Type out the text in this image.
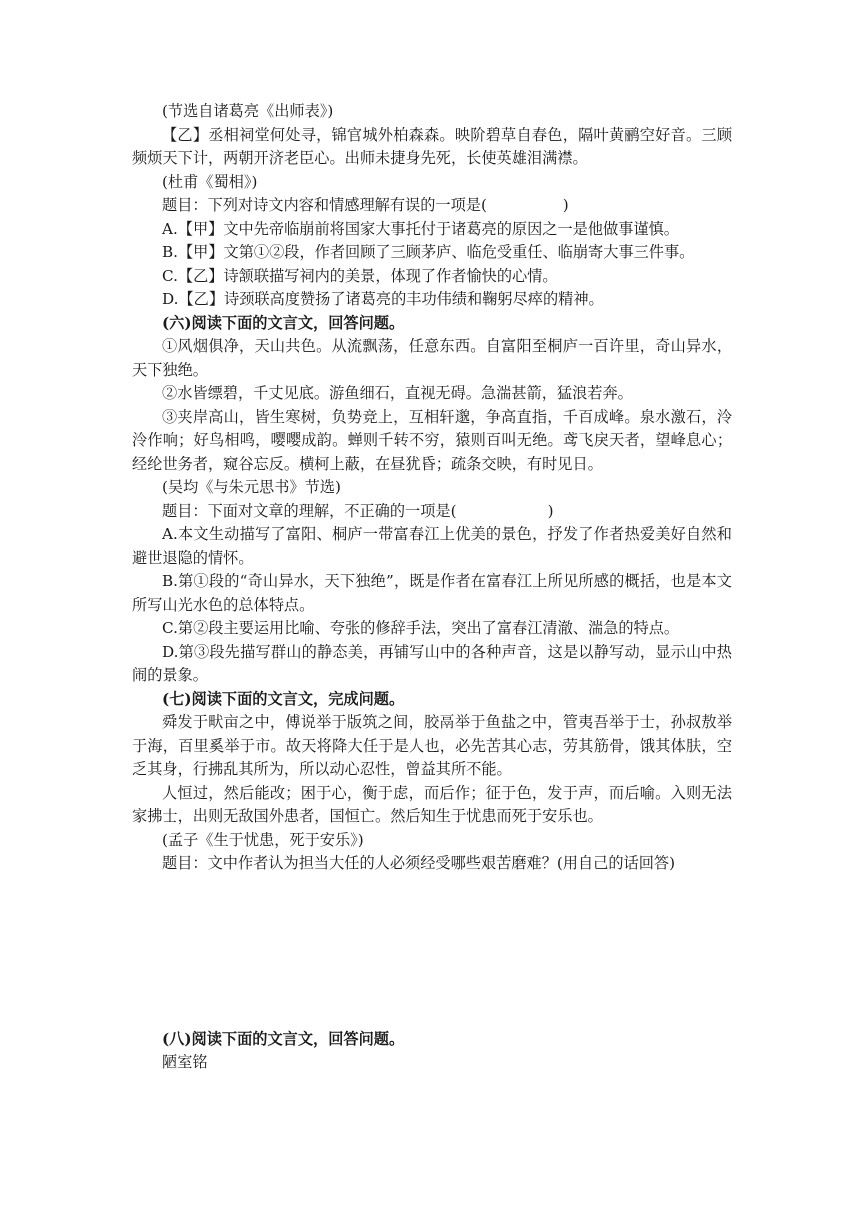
(节选自诸葛亮《出师表》)

【乙】丞相祠堂何处寻，锦官城外柏森森。映阶碧草自春色，隔叶黄鹂空好音。三顾频烦天下计，两朝开济老臣心。出师未捷身先死，长使英雄泪满襟。

(杜甫《蜀相》)

题目：下列对诗文内容和情感理解有误的一项是(　　　　　)

A.【甲】文中先帝临崩前将国家大事托付于诸葛亮的原因之一是他做事谨慎。

B.【甲】文第①②段，作者回顾了三顾茅庐、临危受重任、临崩寄大事三件事。

C.【乙】诗颔联描写祠内的美景，体现了作者愉快的心情。

D.【乙】诗颈联高度赞扬了诸葛亮的丰功伟绩和鞠躬尽瘁的精神。

(六)阅读下面的文言文，回答问题。

①风烟俱净，天山共色。从流飘荡，任意东西。自富阳至桐庐一百许里，奇山异水，天下独绝。

②水皆缥碧，千丈见底。游鱼细石，直视无碍。急湍甚箭，猛浪若奔。

③夹岸高山，皆生寒树，负势竞上，互相轩邈，争高直指，千百成峰。泉水激石，泠泠作响；好鸟相鸣，嘤嘤成韵。蝉则千转不穷，猿则百叫无绝。鸢飞戾天者，望峰息心；经纶世务者，窥谷忘反。横柯上蔽，在昼犹昏；疏条交映，有时见日。

(吴均《与朱元思书》节选)

题目：下面对文章的理解，不正确的一项是(　　　　　　)

A.本文生动描写了富阳、桐庐一带富春江上优美的景色，抒发了作者热爱美好自然和避世退隐的情怀。

B.第①段的“奇山异水，天下独绝”，既是作者在富春江上所见所感的概括，也是本文所写山光水色的总体特点。

C.第②段主要运用比喻、夸张的修辞手法，突出了富春江清澈、湍急的特点。

D.第③段先描写群山的静态美，再铺写山中的各种声音，这是以静写动，显示山中热闹的景象。

(七)阅读下面的文言文，完成问题。

舜发于畎亩之中，傅说举于版筑之间，胶鬲举于鱼盐之中，管夷吾举于士，孙叔敖举于海，百里奚举于市。故天将降大任于是人也，必先苦其心志，劳其筋骨，饿其体肤，空乏其身，行拂乱其所为，所以动心忍性，曾益其所不能。

人恒过，然后能改；困于心，衡于虑，而后作；征于色，发于声，而后喻。入则无法家拂士，出则无敌国外患者，国恒亡。然后知生于忧患而死于安乐也。

(孟子《生于忧患，死于安乐》)

题目：文中作者认为担当大任的人必须经受哪些艰苦磨难？(用自己的话回答)

(八)阅读下面的文言文，回答问题。

陋室铭
